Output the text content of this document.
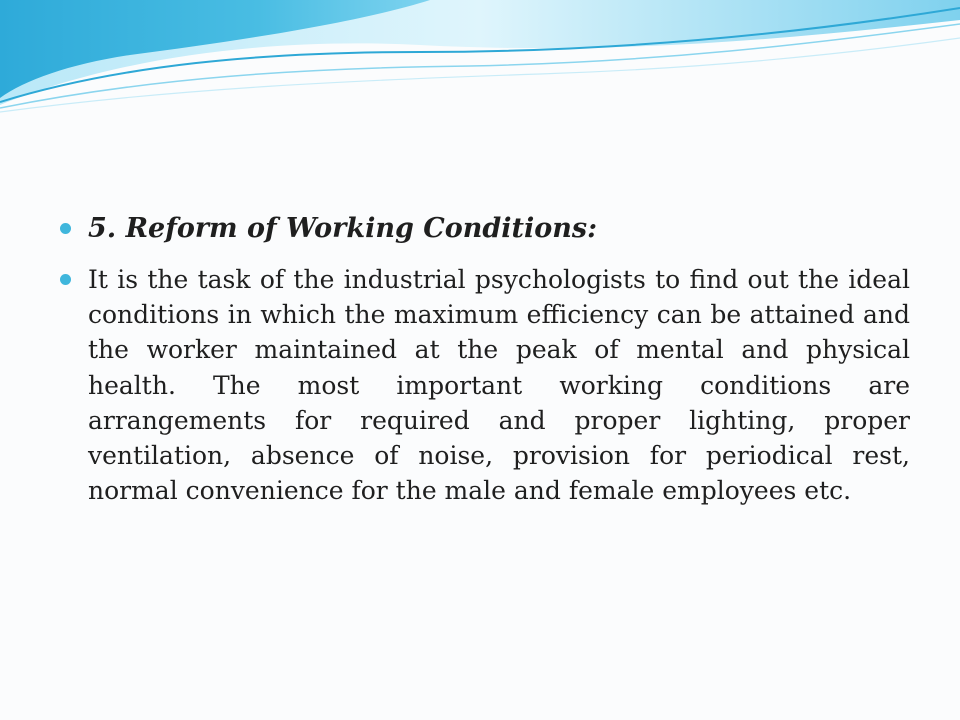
5. Reform of Working Conditions:

It is the task of the industrial psychologists to find out the ideal conditions in which the maximum efficiency can be attained and the worker maintained at the peak of mental and physical health. The most important working conditions are arrangements for required and proper lighting, proper ventilation, absence of noise, provision for periodical rest, normal convenience for the male and female employees etc.
